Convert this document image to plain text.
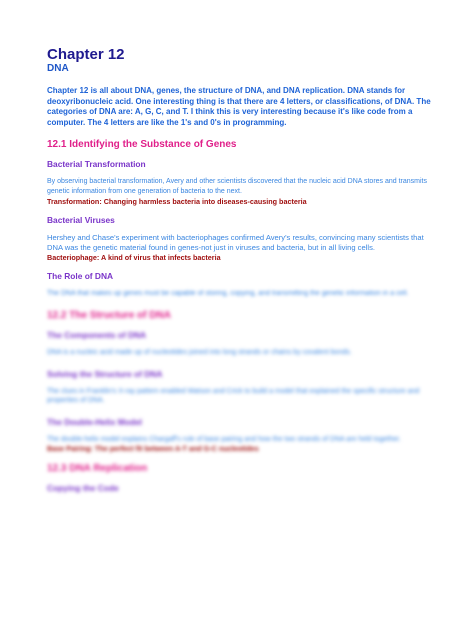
Chapter 12
DNA

Chapter 12 is all about DNA, genes, the structure of DNA, and DNA replication. DNA stands for deoxyribonucleic acid. One interesting thing is that there are 4 letters, or classifications, of DNA. The categories of DNA are: A, G, C, and T. I think this is very interesting because it's like code from a computer. The 4 letters are like the 1's and 0's in programming.

12.1 Identifying the Substance of Genes
Bacterial Transformation

By observing bacterial transformation, Avery and other scientists discovered that the nucleic acid DNA stores and transmits genetic information from one generation of bacteria to the next.

Transformation: Changing harmless bacteria into diseases-causing bacteria

Bacterial Viruses

Hershey and Chase's experiment with bacteriophages confirmed Avery's results, convincing many scientists that DNA was the genetic material found in genes-not just in viruses and bacteria, but in all living cells.

Bacteriophage: A kind of virus that infects bacteria

The Role of DNA

The DNA that makes up genes must be capable of storing, copying, and transmitting the genetic information in a cell.

12.2 The Structure of DNA
The Components of DNA

DNA is a nucleic acid made up of nucleotides joined into long strands or chains by covalent bonds.

Solving the Structure of DNA

The clues in Franklin's X-ray pattern enabled Watson and Crick to build a model that explained the specific structure and properties of DNA.

The Double-Helix Model

The double-helix model explains Chargaff's rule of base pairing and how the two strands of DNA are held together.

Base Pairing: The perfect fit between A-T and G-C nucleotides

12.3 DNA Replication
Copying the Code
